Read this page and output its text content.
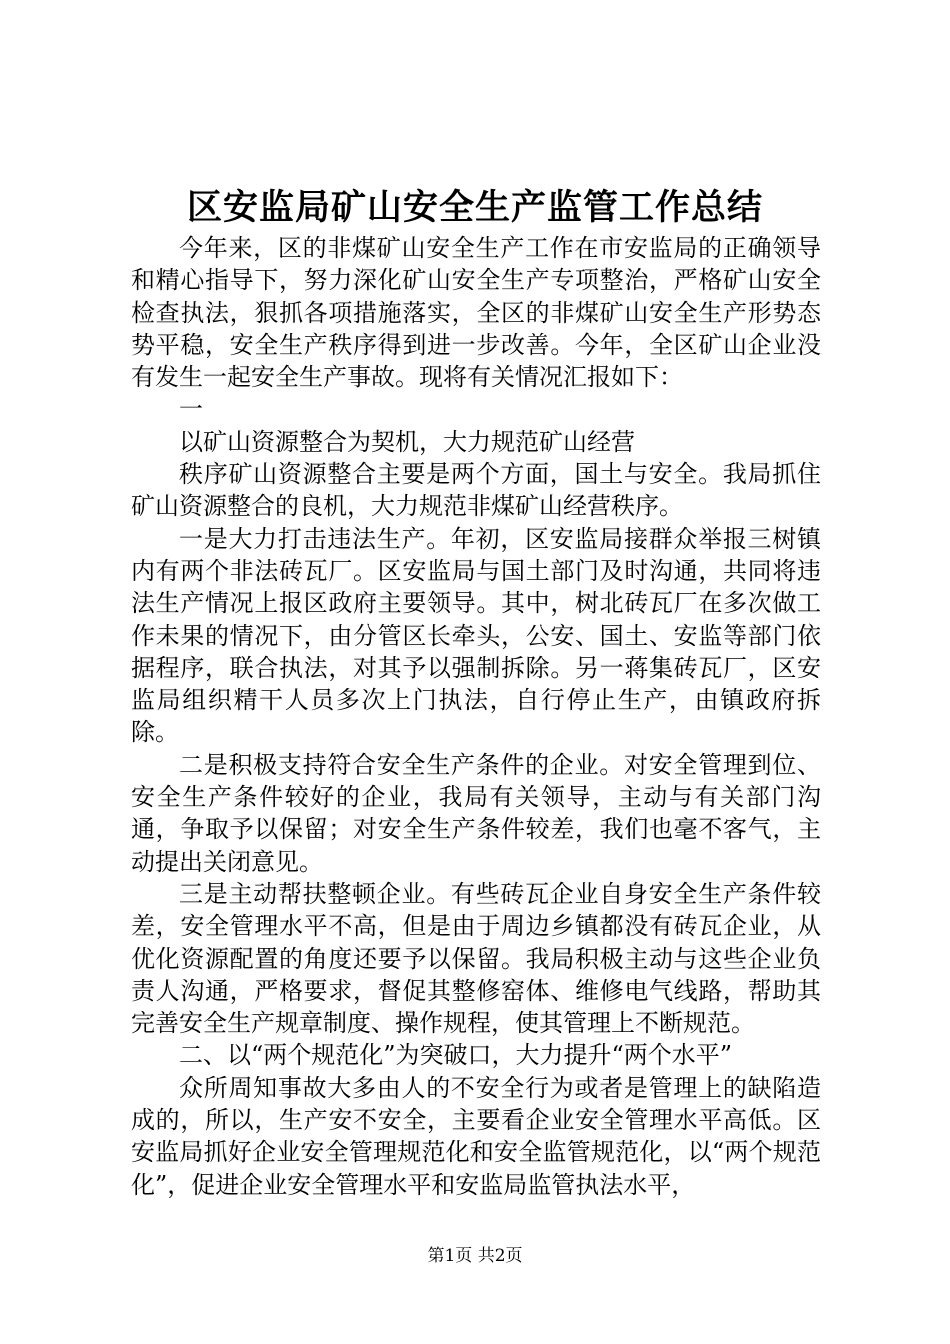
区安监局矿山安全生产监管工作总结

今年来，区的非煤矿山安全生产工作在市安监局的正确领导和精心指导下，努力深化矿山安全生产专项整治，严格矿山安全检查执法，狠抓各项措施落实，全区的非煤矿山安全生产形势态势平稳，安全生产秩序得到进一步改善。今年，全区矿山企业没有发生一起安全生产事故。现将有关情况汇报如下：

一

以矿山资源整合为契机，大力规范矿山经营

秩序矿山资源整合主要是两个方面，国土与安全。我局抓住矿山资源整合的良机，大力规范非煤矿山经营秩序。

一是大力打击违法生产。年初，区安监局接群众举报三树镇内有两个非法砖瓦厂。区安监局与国土部门及时沟通，共同将违法生产情况上报区政府主要领导。其中，树北砖瓦厂在多次做工作未果的情况下，由分管区长牵头，公安、国土、安监等部门依据程序，联合执法，对其予以强制拆除。另一蒋集砖瓦厂，区安监局组织精干人员多次上门执法，自行停止生产，由镇政府拆除。

二是积极支持符合安全生产条件的企业。对安全管理到位、安全生产条件较好的企业，我局有关领导，主动与有关部门沟通，争取予以保留；对安全生产条件较差，我们也毫不客气，主动提出关闭意见。

三是主动帮扶整顿企业。有些砖瓦企业自身安全生产条件较差，安全管理水平不高，但是由于周边乡镇都没有砖瓦企业，从优化资源配置的角度还要予以保留。我局积极主动与这些企业负责人沟通，严格要求，督促其整修窑体、维修电气线路，帮助其完善安全生产规章制度、操作规程，使其管理上不断规范。

二、以“两个规范化”为突破口，大力提升“两个水平”

众所周知事故大多由人的不安全行为或者是管理上的缺陷造成的，所以，生产安不安全，主要看企业安全管理水平高低。区安监局抓好企业安全管理规范化和安全监管规范化，以“两个规范化”，促进企业安全管理水平和安监局监管执法水平，

第1页 共2页
